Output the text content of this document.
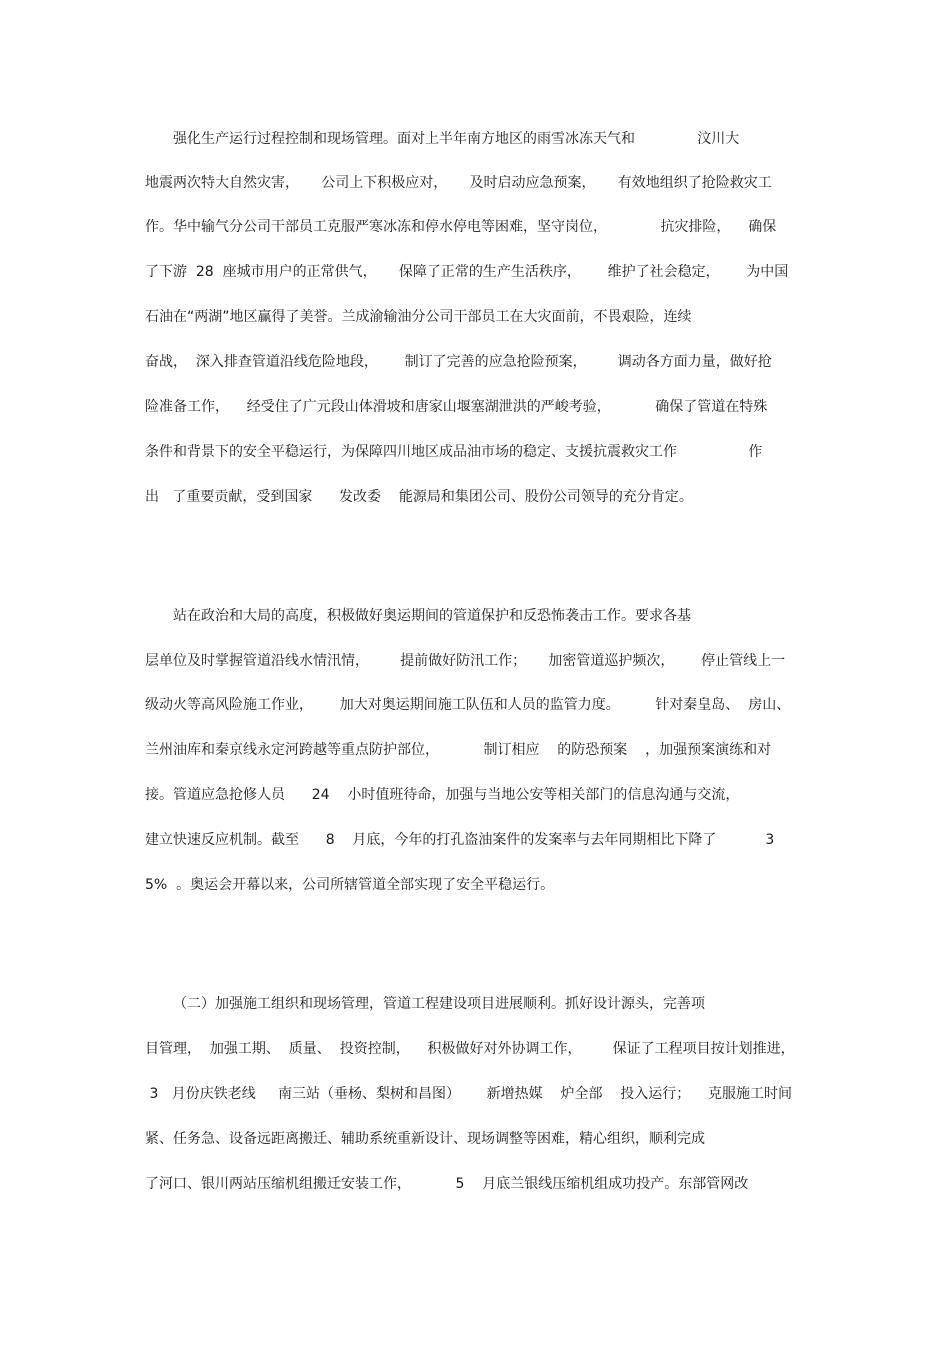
强化生产运行过程控制和现场管理。面对上半年南方地区的雨雪冰冻天气和              汶川大
地震两次特大自然灾害，     公司上下积极应对，     及时启动应急预案，     有效地组织了抢险救灾工
作。华中输气分公司干部员工克服严寒冰冻和停水停电等困难，坚守岗位，            抗灾排险，    确保
了下游  28  座城市用户的正常供气，     保障了正常的生产生活秩序，      维护了社会稳定，      为中国
石油在“两湖”地区赢得了美誉。兰成渝输油分公司干部员工在大灾面前，不畏艰险，连续
奋战，  深入排查管道沿线危险地段，      制订了完善的应急抢险预案，       调动各方面力量，做好抢
险准备工作，    经受住了广元段山体滑坡和唐家山堰塞湖泄洪的严峻考验，          确保了管道在特殊
条件和背景下的安全平稳运行，为保障四川地区成品油市场的稳定、支援抗震救灾工作                作
出   了重要贡献，受到国家      发改委    能源局和集团公司、股份公司领导的充分肯定。
站在政治和大局的高度，积极做好奥运期间的管道保护和反恐怖袭击工作。要求各基
层单位及时掌握管道沿线水情汛情，       提前做好防汛工作；     加密管道巡护频次，      停止管线上一
级动火等高风险施工作业，      加大对奥运期间施工队伍和人员的监管力度。        针对秦皇岛、  房山、
兰州油库和秦京线永定河跨越等重点防护部位，          制订相应    的防恐预案    ，加强预案演练和对
接。管道应急抢修人员      24    小时值班待命，加强与当地公安等相关部门的信息沟通与交流，
建立快速反应机制。截至      8    月底，今年的打孔盗油案件的发案率与去年同期相比下降了           3
5%  。奥运会开幕以来，公司所辖管道全部实现了安全平稳运行。
（二）加强施工组织和现场管理，管道工程建设项目进展顺利。抓好设计源头，完善项
目管理，  加强工期、  质量、  投资控制，    积极做好对外协调工作，       保证了工程项目按计划推进，
3   月份庆铁老线     南三站（垂杨、梨树和昌图）      新增热媒    炉全部    投入运行；    克服施工时间
紧、任务急、设备远距离搬迁、辅助系统重新设计、现场调整等困难，精心组织，顺利完成
了河口、银川两站压缩机组搬迁安装工作，          5    月底兰银线压缩机组成功投产。东部管网改
